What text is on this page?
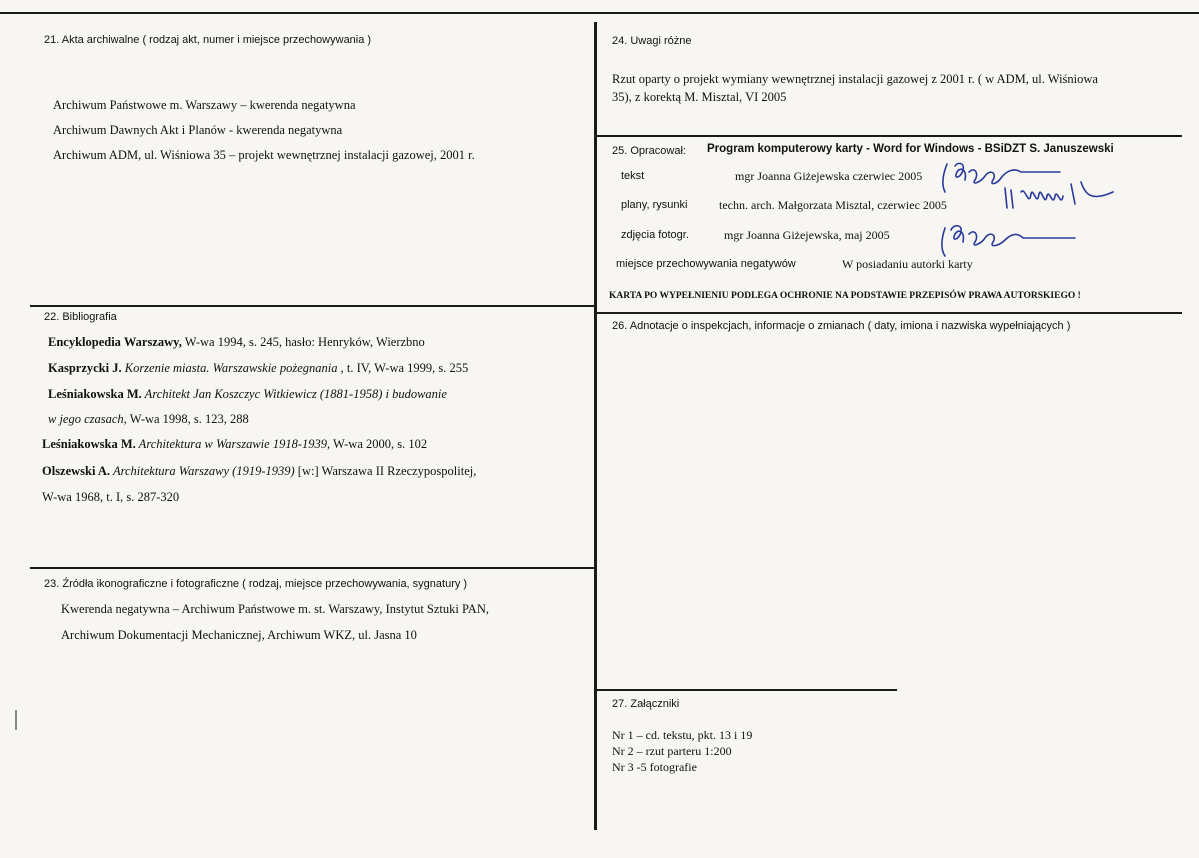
21. Akta archiwalne ( rodzaj akt, numer i miejsce przechowywania )
Archiwum Państwowe m. Warszawy – kwerenda negatywna
Archiwum Dawnych Akt i Planów - kwerenda negatywna
Archiwum ADM, ul. Wiśniowa 35 – projekt wewnętrznej instalacji gazowej, 2001 r.
22. Bibliografia
Encyklopedia Warszawy, W-wa 1994, s. 245, hasło: Henryków, Wierzbno
Kasprzycki J. Korzenie miasta. Warszawskie pożegnania , t. IV, W-wa 1999, s. 255
Leśniakowska M. Architekt Jan Koszczyc Witkiewicz (1881-1958) i budowanie
w jego czasach, W-wa 1998, s. 123, 288
Leśniakowska M. Architektura w Warszawie 1918-1939, W-wa 2000, s. 102
Olszewski A. Architektura Warszawy (1919-1939) [w:] Warszawa II Rzeczypospolitej,
W-wa 1968, t. I, s. 287-320
23. Źródła ikonograficzne i fotograficzne ( rodzaj, miejsce przechowywania, sygnatury )
Kwerenda negatywna – Archiwum Państwowe m. st. Warszawy, Instytut Sztuki PAN,
Archiwum Dokumentacji Mechanicznej, Archiwum WKZ, ul. Jasna 10
24. Uwagi różne
Rzut oparty o projekt wymiany wewnętrznej instalacji gazowej z 2001 r. ( w ADM, ul. Wiśniowa
35), z korektą M. Misztal, VI 2005
25. Opracował: Program komputerowy karty - Word for Windows - BSiDZT S. Januszewski
tekst	mgr Joanna Giżejewska czerwiec 2005
plany, rysunki	techn. arch. Małgorzata Misztal, czerwiec 2005
zdjęcia fotogr.	mgr Joanna Giżejewska, maj 2005
miejsce przechowywania negatywów	W posiadaniu autorki karty
KARTA PO WYPEŁNIENIU PODLEGA OCHRONIE NA PODSTAWIE PRZEPISÓW PRAWA AUTORSKIEGO !
26. Adnotacje o inspekcjach, informacje o zmianach ( daty, imiona i nazwiska wypełniających )
27. Załączniki
Nr 1 – cd. tekstu, pkt. 13 i 19
Nr 2 – rzut parteru 1:200
Nr 3 -5 fotografie
